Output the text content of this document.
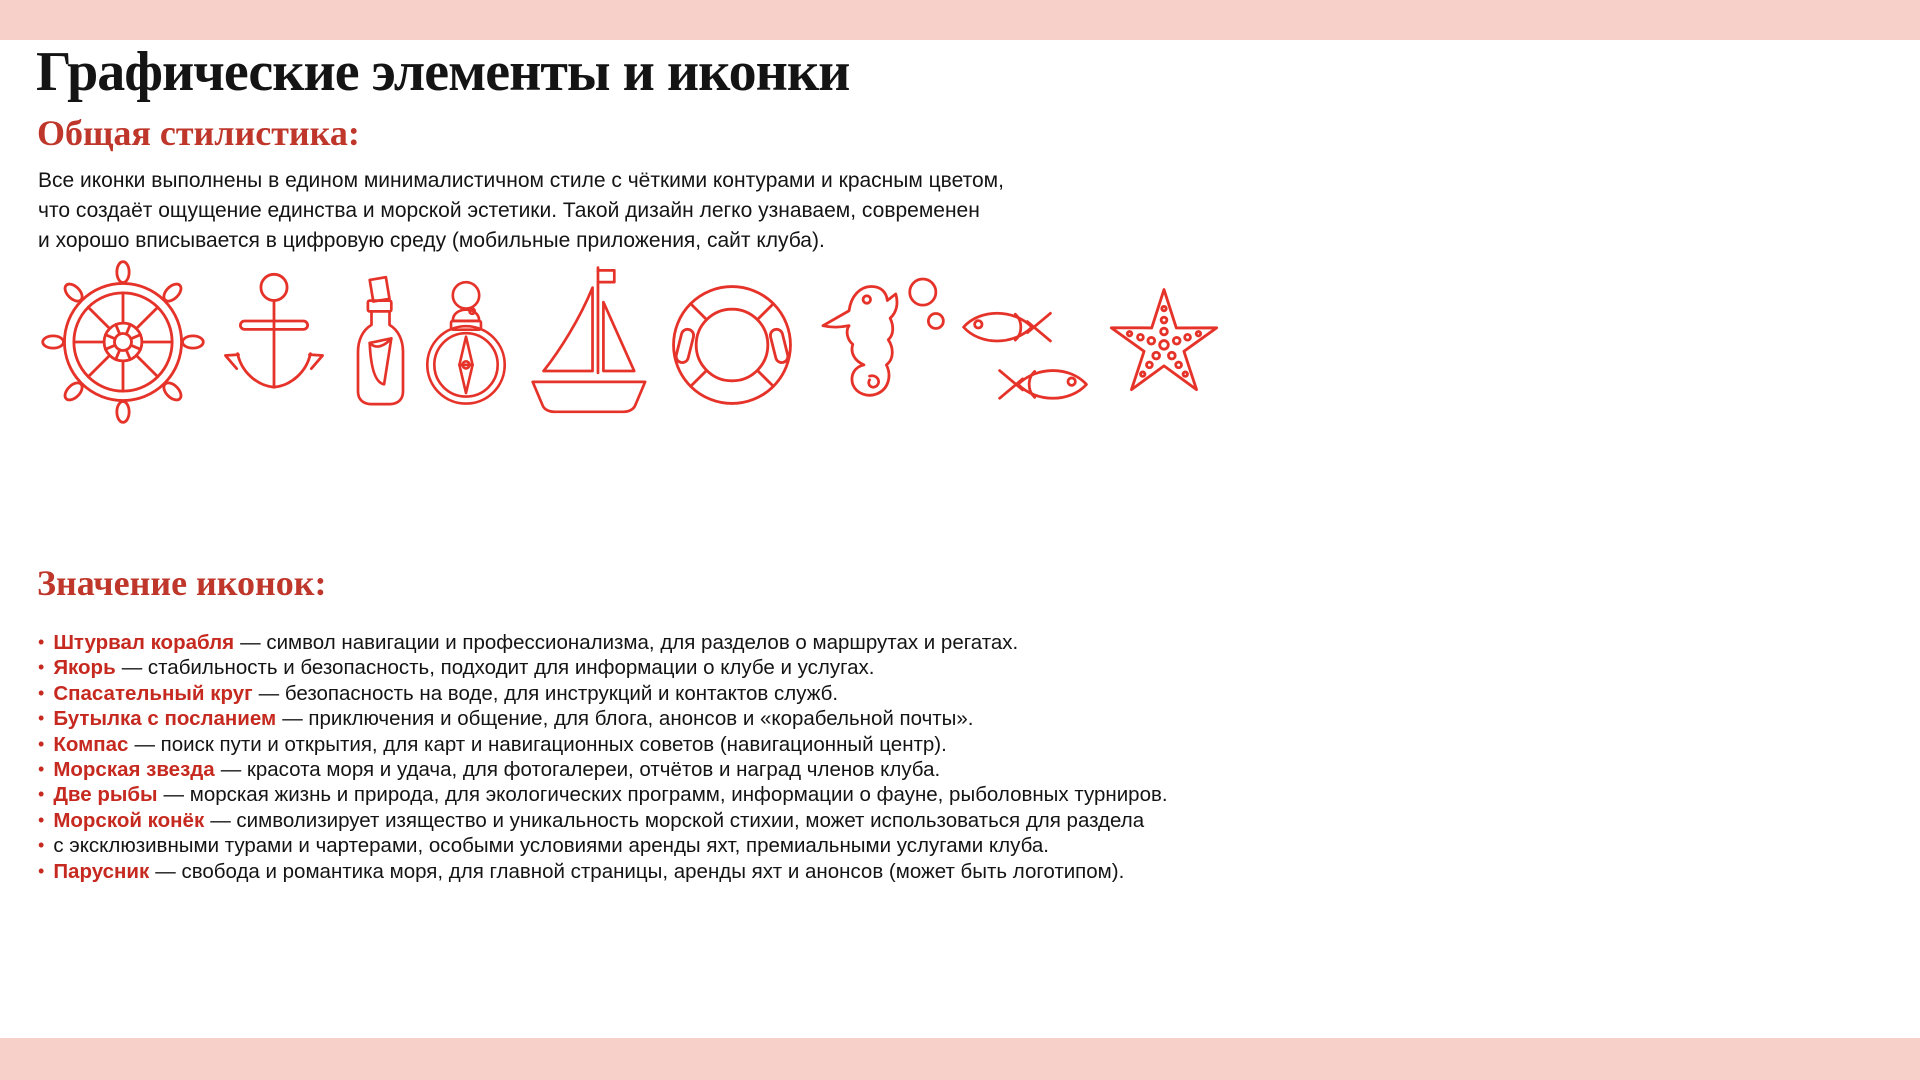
Графические элементы и иконки
Общая стилистика:
Все иконки выполнены в едином минималистичном стиле с чёткими контурами и красным цветом,
что создаёт ощущение единства и морской эстетики. Такой дизайн легко узнаваем, современен
и хорошо вписывается в цифровую среду (мобильные приложения, сайт клуба).
Значение иконок:
• Штурвал корабля — символ навигации и профессионализма, для разделов о маршрутах и регатах.
• Якорь — стабильность и безопасность, подходит для информации о клубе и услугах.
• Спасательный круг — безопасность на воде, для инструкций и контактов служб.
• Бутылка с посланием — приключения и общение, для блога, анонсов и «корабельной почты».
• Компас — поиск пути и открытия, для карт и навигационных советов (навигационный центр).
• Морская звезда — красота моря и удача, для фотогалереи, отчётов и наград членов клуба.
• Две рыбы — морская жизнь и природа, для экологических программ, информации о фауне, рыболовных турниров.
• Морской конёк — символизирует изящество и уникальность морской стихии, может использоваться для раздела
• с эксклюзивными турами и чартерами, особыми условиями аренды яхт, премиальными услугами клуба.
• Парусник — свобода и романтика моря, для главной страницы, аренды яхт и анонсов (может быть логотипом).
